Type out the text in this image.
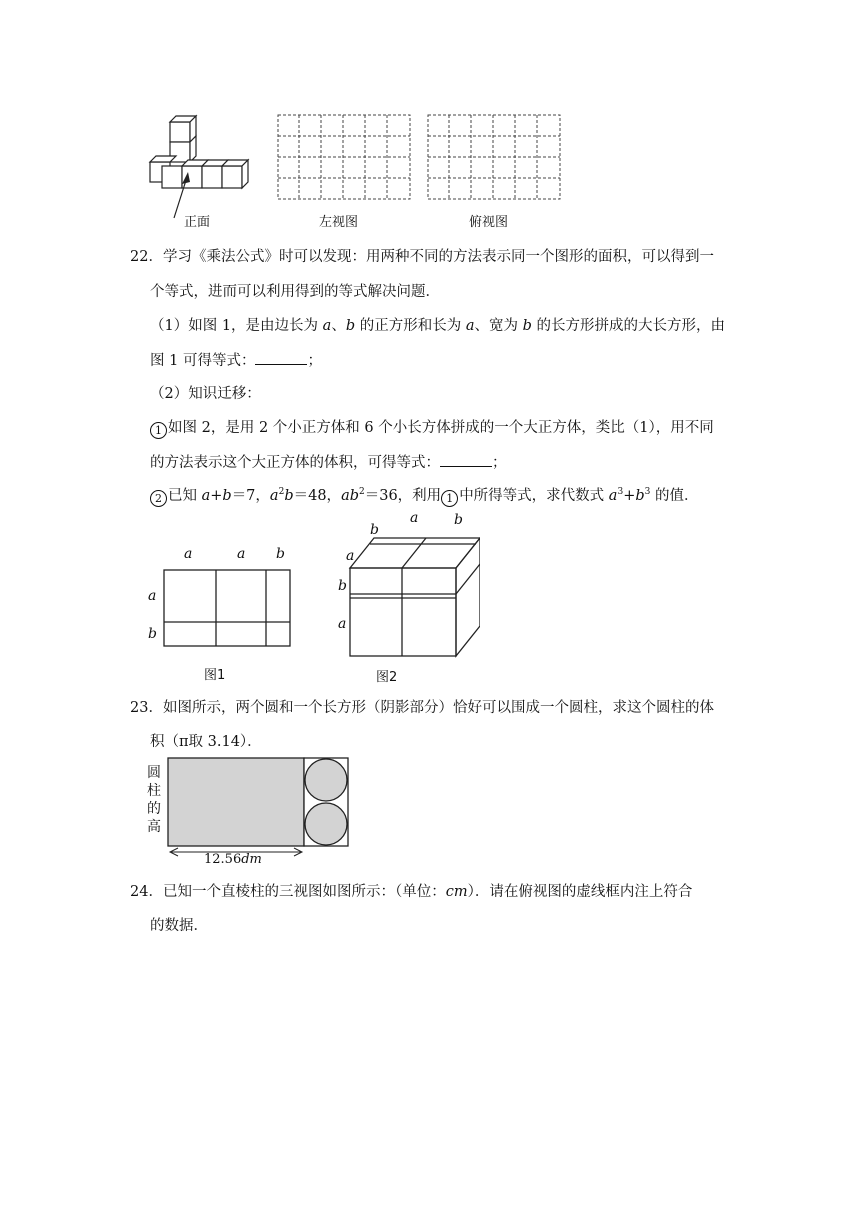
正面	左视图	俯视图
22．学习《乘法公式》时可以发现：用两种不同的方法表示同一个图形的面积，可以得到一
个等式，进而可以利用得到的等式解决问题．
（1）如图 1，是由边长为 a、b 的正方形和长为 a、宽为 b 的长方形拼成的大长方形，由
图 1 可得等式：	；
（2）知识迁移：
1 如图 2，是用 2 个小正方体和 6 个小长方体拼成的一个大正方体，类比（1），用不同
的方法表示这个大正方体的体积，可得等式：	；
2 已知 a+b＝7，$a^2b=48$，$ab^2=36$，利用 1 中所得等式，求代数式 $a^3+b^3$ 的值．
a	a b
a
b
图1
b
a	b
a
b
a
图2
23．如图所示，两个圆和一个长方形（阴影部分）恰好可以围成一个圆柱，求这个圆柱的体
积（π取 3.14）．
圆
柱
的
高
12.56dm
24．已知一个直棱柱的三视图如图所示：（单位：cm）．请在俯视图的虚线框内注上符合
的数据．
